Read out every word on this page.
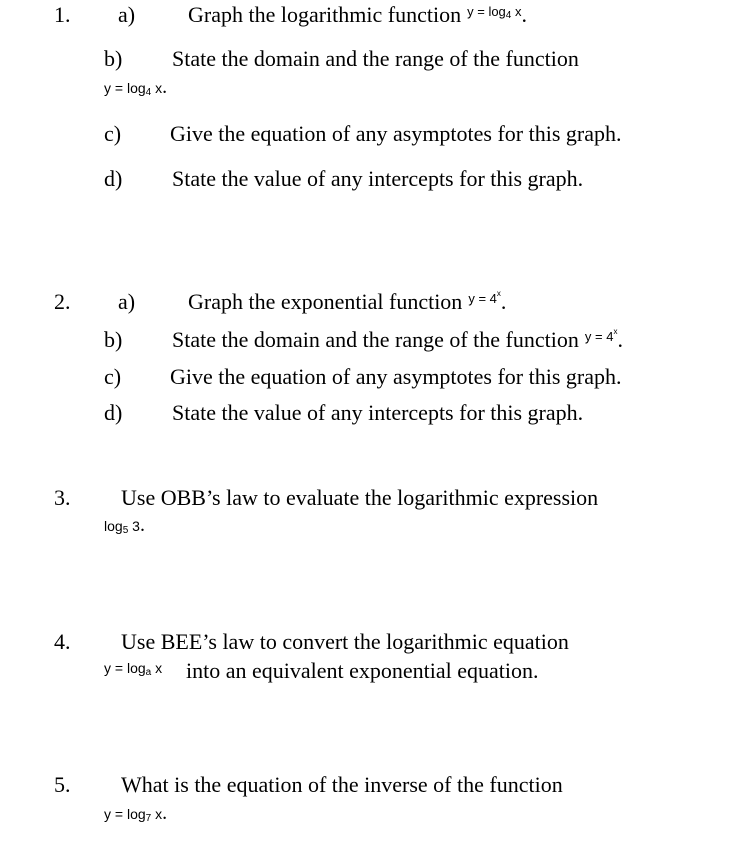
1. a) Graph the logarithmic function y = log4 x.
b) State the domain and the range of the function
y = log4 x.
c) Give the equation of any asymptotes for this graph.
d) State the value of any intercepts for this graph.
2. a) Graph the exponential function $y = 4^x$.
b) State the domain and the range of the function $y = 4^x$.
c) Give the equation of any asymptotes for this graph.
d) State the value of any intercepts for this graph.
3. Use OBB’s law to evaluate the logarithmic expression
log5 3.
4. Use BEE’s law to convert the logarithmic equation
y = loga x into an equivalent exponential equation.
5. What is the equation of the inverse of the function
y = log7 x.
